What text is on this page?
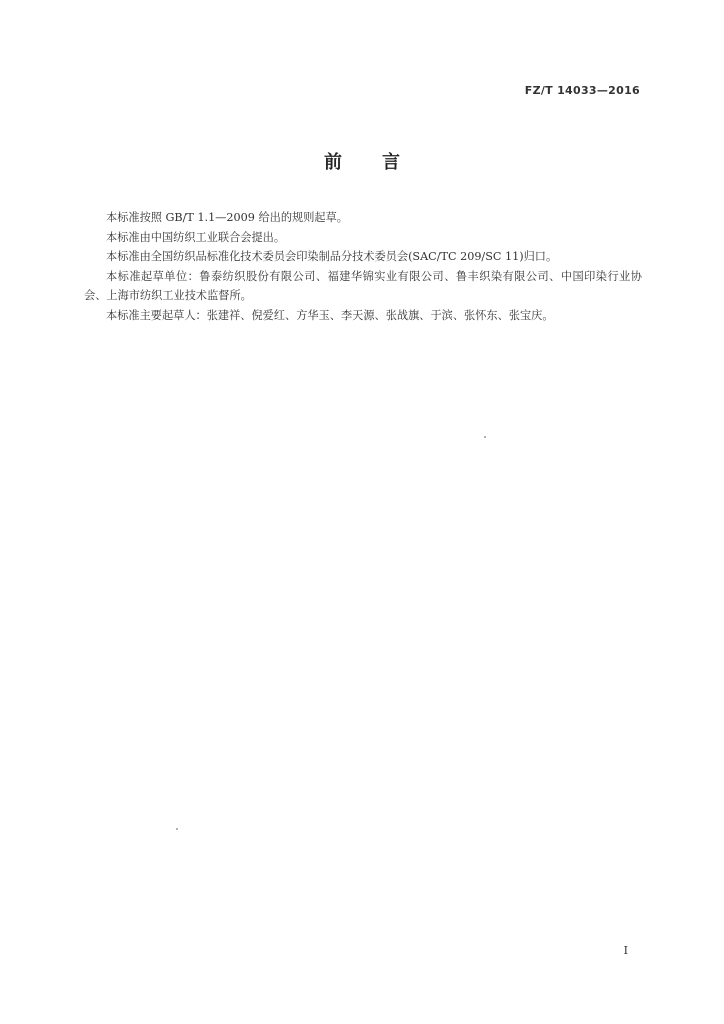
FZ/T 14033—2016
前言

本标准按照 GB/T 1.1—2009 给出的规则起草。

本标准由中国纺织工业联合会提出。

本标准由全国纺织品标准化技术委员会印染制品分技术委员会(SAC/TC 209/SC 11)归口。

本标准起草单位：鲁泰纺织股份有限公司、福建华锦实业有限公司、鲁丰织染有限公司、中国印染行业协会、上海市纺织工业技术监督所。

本标准主要起草人：张建祥、倪爱红、方华玉、李天源、张战旗、于滨、张怀东、张宝庆。

I
